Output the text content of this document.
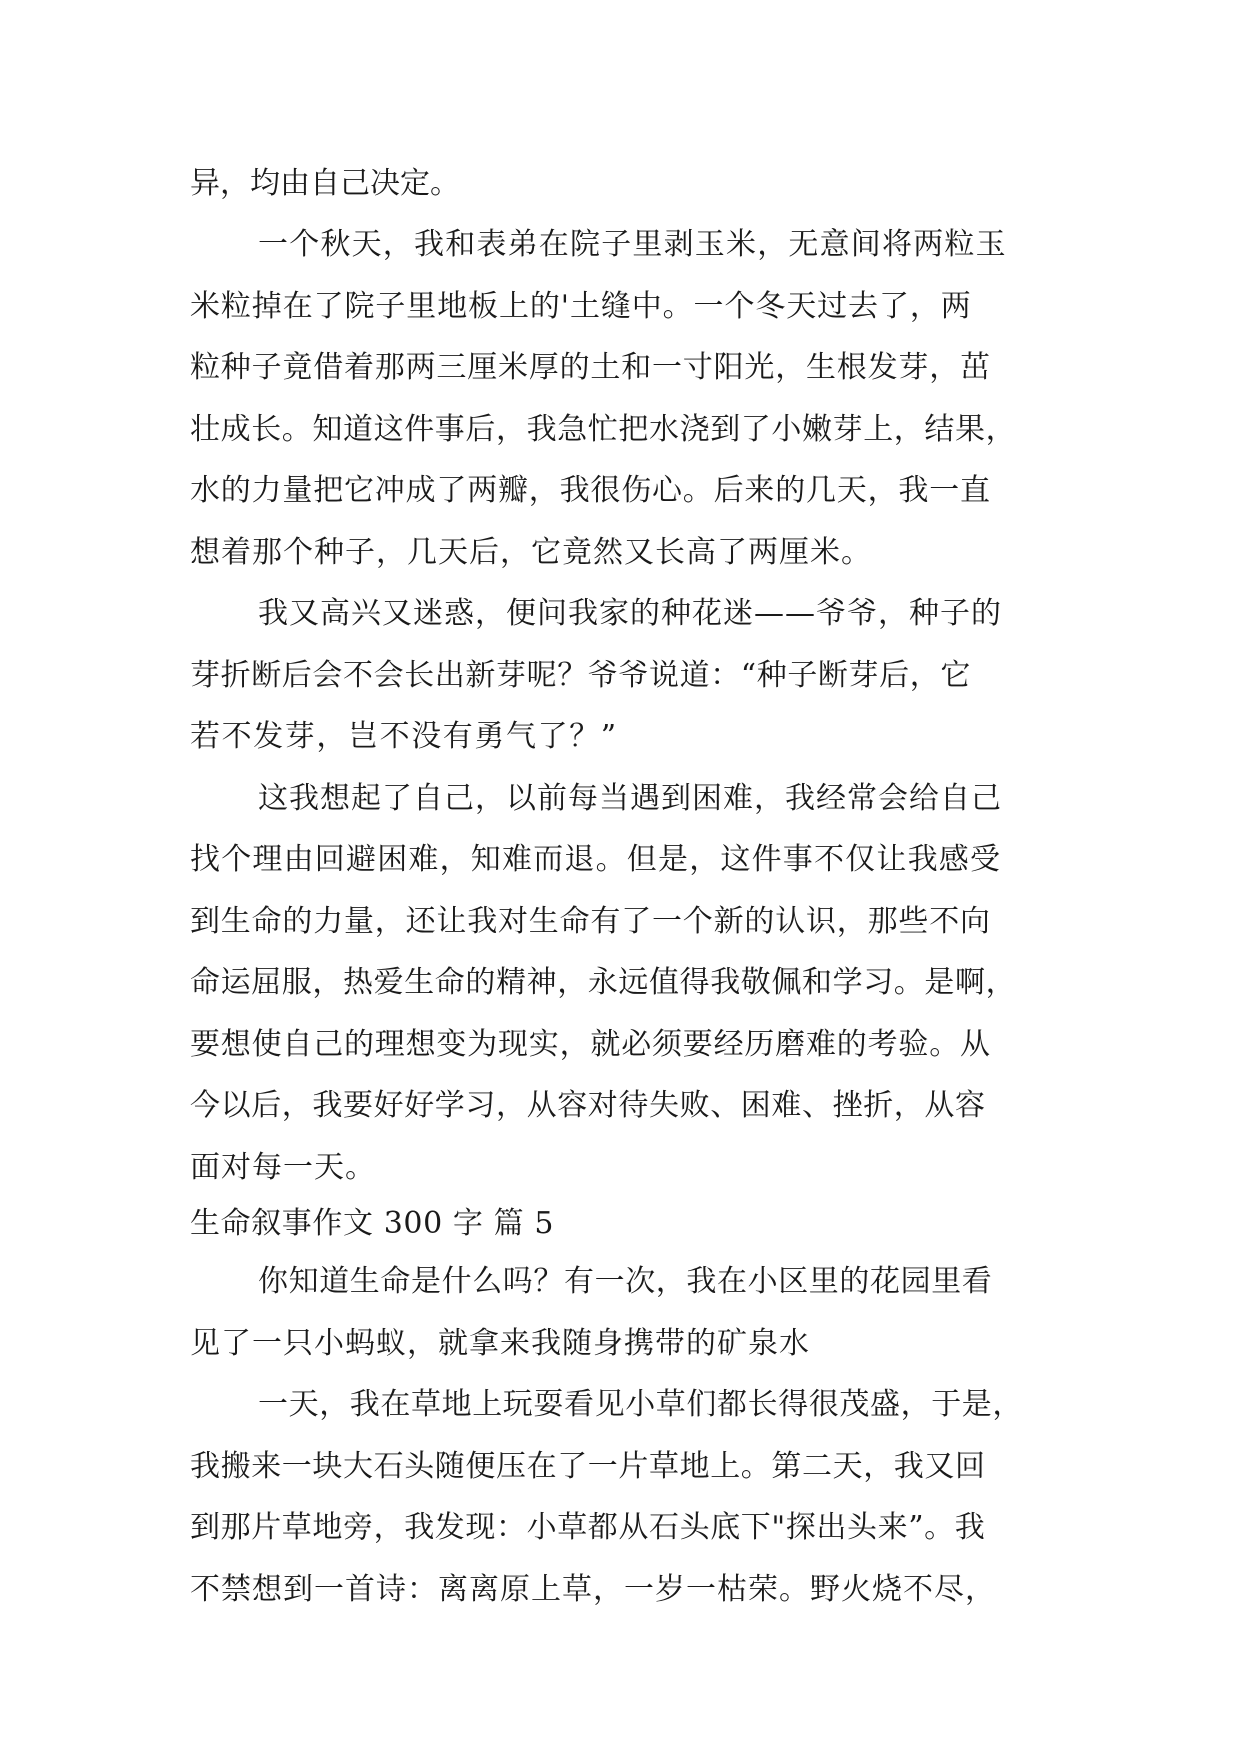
异，均由自己决定。
一个秋天，我和表弟在院子里剥玉米，无意间将两粒玉
米粒掉在了院子里地板上的'土缝中。一个冬天过去了，两
粒种子竟借着那两三厘米厚的土和一寸阳光，生根发芽，茁
壮成长。知道这件事后，我急忙把水浇到了小嫩芽上，结果，
水的力量把它冲成了两瓣，我很伤心。后来的几天，我一直
想着那个种子，几天后，它竟然又长高了两厘米。
我又高兴又迷惑，便问我家的种花迷——爷爷，种子的
芽折断后会不会长出新芽呢？爷爷说道：“种子断芽后，它
若不发芽，岂不没有勇气了？”
这我想起了自己，以前每当遇到困难，我经常会给自己
找个理由回避困难，知难而退。但是，这件事不仅让我感受
到生命的力量，还让我对生命有了一个新的认识，那些不向
命运屈服，热爱生命的精神，永远值得我敬佩和学习。是啊，
要想使自己的理想变为现实，就必须要经历磨难的考验。从
今以后，我要好好学习，从容对待失败、困难、挫折，从容
面对每一天。
生命叙事作文 300 字 篇 5
你知道生命是什么吗？有一次，我在小区里的花园里看
见了一只小蚂蚁，就拿来我随身携带的矿泉水
一天，我在草地上玩耍看见小草们都长得很茂盛，于是，
我搬来一块大石头随便压在了一片草地上。第二天，我又回
到那片草地旁，我发现：小草都从石头底下"探出头来”。我
不禁想到一首诗：离离原上草，一岁一枯荣。野火烧不尽，
